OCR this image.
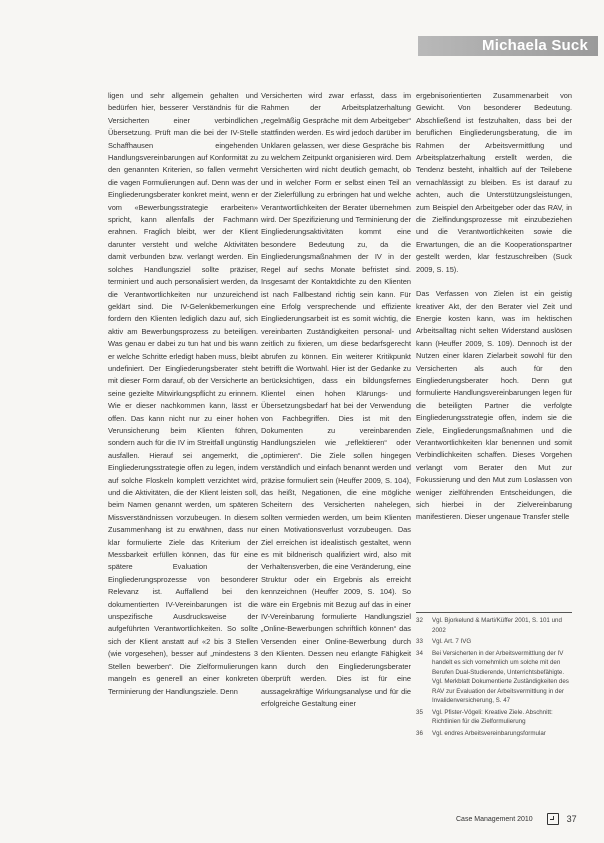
Michaela Suck

ligen und sehr allgemein gehalten und bedürfen hier, besserer Verständnis für die Versicherten einer verbindlichen Übersetzung. Prüft man die bei der IV-Stelle Schaffhausen eingehenden Handlungsvereinbarungen auf Konformität zu den genannten Kriterien, so fallen vermehrt die vagen Formulierungen auf. Denn was der Eingliederungsberater konkret meint, wenn er vom «Bewerbungsstrategie erarbeiten» spricht, kann allenfalls der Fachmann erahnen. Fraglich bleibt, wer der Klient darunter versteht und welche Aktivitäten damit verbunden bzw. verlangt werden. Ein solches Handlungsziel sollte präziser, terminiert und auch personalisiert werden, da die Verantwortlichkeiten nur unzureichend geklärt sind. Die IV-Gelenkbemerkungen fordern den Klienten lediglich dazu auf, sich aktiv am Bewerbungsprozess zu beteiligen. Was genau er dabei zu tun hat und bis wann er welche Schritte erledigt haben muss, bleibt undefiniert. Der Eingliederungsberater steht mit dieser Form darauf, ob der Versicherte an seine gezielte Mitwirkungspflicht zu erinnern. Wie er dieser nachkommen kann, lässt er offen. Das kann nicht nur zu einer hohen Verunsicherung beim Klienten führen, sondern auch für die IV im Streitfall ungünstig ausfallen. Hierauf sei angemerkt, die Eingliederungsstrategie offen zu legen, indem auf solche Floskeln komplett verzichtet wird, und die Aktivitäten, die der Klient leisten soll, beim Namen genannt werden, um späteren Missverständnissen vorzubeugen. In diesem Zusammenhang ist zu erwähnen, dass nur klar formulierte Ziele das Kriterium der Messbarkeit erfüllen können, das für eine spätere Evaluation der Eingliederungsprozesse von besonderer Relevanz ist. Auffallend bei den dokumentierten IV-Vereinbarungen ist die unspezifische Ausdrucksweise der aufgeführten Verantwortlichkeiten. So sollte sich der Klient anstatt auf «2 bis 3 Stellen (wie vorgesehen), besser auf „mindestens 3 Stellen bewerben“. Die Zielformulierungen mangeln es generell an einer konkreten Terminierung der Handlungsziele. Denn

Versicherten wird zwar erfasst, dass im Rahmen der Arbeitsplatzerhaltung „regelmäßig Gespräche mit dem Arbeitgeber“ stattfinden werden. Es wird jedoch darüber im Unklaren gelassen, wer diese Gespräche bis zu welchem Zeitpunkt organisieren wird. Dem Versicherten wird nicht deutlich gemacht, ob und in welcher Form er selbst einen Teil an der Zielerfüllung zu erbringen hat und welche Verantwortlichkeiten der Berater übernehmen wird. Der Spezifizierung und Terminierung der Eingliederungsaktivitäten kommt eine besondere Bedeutung zu, da die Eingliederungsmaßnahmen der IV in der Regel auf sechs Monate befristet sind. Insgesamt der Kontaktdichte zu den Klienten ist nach Fallbestand richtig sein kann. Für eine Erfolg versprechende und effiziente Eingliederungsarbeit ist es somit wichtig, die vereinbarten Zuständigkeiten personal- und zeitlich zu fixieren, um diese bedarfsgerecht abrufen zu können. Ein weiterer Kritikpunkt betrifft die Wortwahl. Hier ist der Gedanke zu berücksichtigen, dass ein bildungsfernes Klientel einen hohen Klärungs- und Übersetzungsbedarf hat bei der Verwendung von Fachbegriffen. Dies ist mit den Dokumenten zu vereinbarenden Handlungszielen wie „reflektieren“ oder „optimieren“. Die Ziele sollen hingegen verständlich und einfach benannt werden und präzise formuliert sein (Heuffer 2009, S. 104), das heißt, Negationen, die eine mögliche Scheitern des Versicherten nahelegen, sollten vermieden werden, um beim Klienten einen Motivationsverlust vorzubeugen. Das Ziel erreichen ist idealistisch gestaltet, wenn es mit bildnerisch qualifiziert wird, also mit Verhaltensverben, die eine Veränderung, eine Struktur oder ein Ergebnis als erreicht kennzeichnen (Heuffer 2009, S. 104). So wäre ein Ergebnis mit Bezug auf das in einer IV-Vereinbarung formulierte Handlungsziel „Online-Bewerbungen schriftlich können“ das Versenden einer Online-Bewerbung durch den Klienten. Dessen neu erlangte Fähigkeit kann durch den Eingliederungsberater überprüft werden. Dies ist für eine aussagekräftige Wirkungsanalyse und für die erfolgreiche Gestaltung einer

ergebnisorientierten Zusammenarbeit von Gewicht. Von besonderer Bedeutung. Abschließend ist festzuhalten, dass bei der beruflichen Eingliederungsberatung, die im Rahmen der Arbeitsvermittlung und Arbeitsplatzerhaltung erstellt werden, die Tendenz besteht, inhaltlich auf der Teilebene vernachlässigt zu bleiben. Es ist darauf zu achten, auch die Unterstützungsleistungen, zum Beispiel den Arbeitgeber oder das RAV, in die Zielfindungsprozesse mit einzubeziehen und die Verantwortlichkeiten sowie die Erwartungen, die an die Kooperationspartner gestellt werden, klar festzuschreiben (Suck 2009, S. 15).

Das Verfassen von Zielen ist ein geistig kreativer Akt, der den Berater viel Zeit und Energie kosten kann, was im hektischen Arbeitsalltag nicht selten Widerstand auslösen kann (Heuffer 2009, S. 109). Dennoch ist der Nutzen einer klaren Zielarbeit sowohl für den Versicherten als auch für den Eingliederungsberater hoch. Denn gut formulierte Handlungsvereinbarungen legen für die beteiligten Partner die verfolgte Eingliederungsstrategie offen, indem sie die Ziele, Eingliederungsmaßnahmen und die Verantwortlichkeiten klar benennen und somit Verbindlichkeiten schaffen. Dieses Vorgehen verlangt vom Berater den Mut zur Fokussierung und den Mut zum Loslassen von weniger zielführenden Entscheidungen, die sich hierbei in der Zielvereinbarung manifestieren. Dieser ungenaue Transfer stelle

32	Vgl. Bjorkelund & Marti/Küffer 2001, S. 101 und 2002
33	Vgl. Art. 7 IVG
34	Bei Versicherten in der Arbeitsvermittlung der IV handelt es sich vornehmlich um solche mit den Berufen Dual-Studierende, Unterrichtsbefähigte. Vgl. Merkblatt Dokumentierte Zuständigkeiten des RAV zur Evaluation der Arbeitsvermittlung in der Invalidenversicherung, S. 47
35	Vgl. Pfister-Vögeli: Kreative Ziele. Abschnitt: Richtlinien für die Zielformulierung
36	Vgl. endres Arbeitsvereinbarungsformular
Case Management 2010	37
